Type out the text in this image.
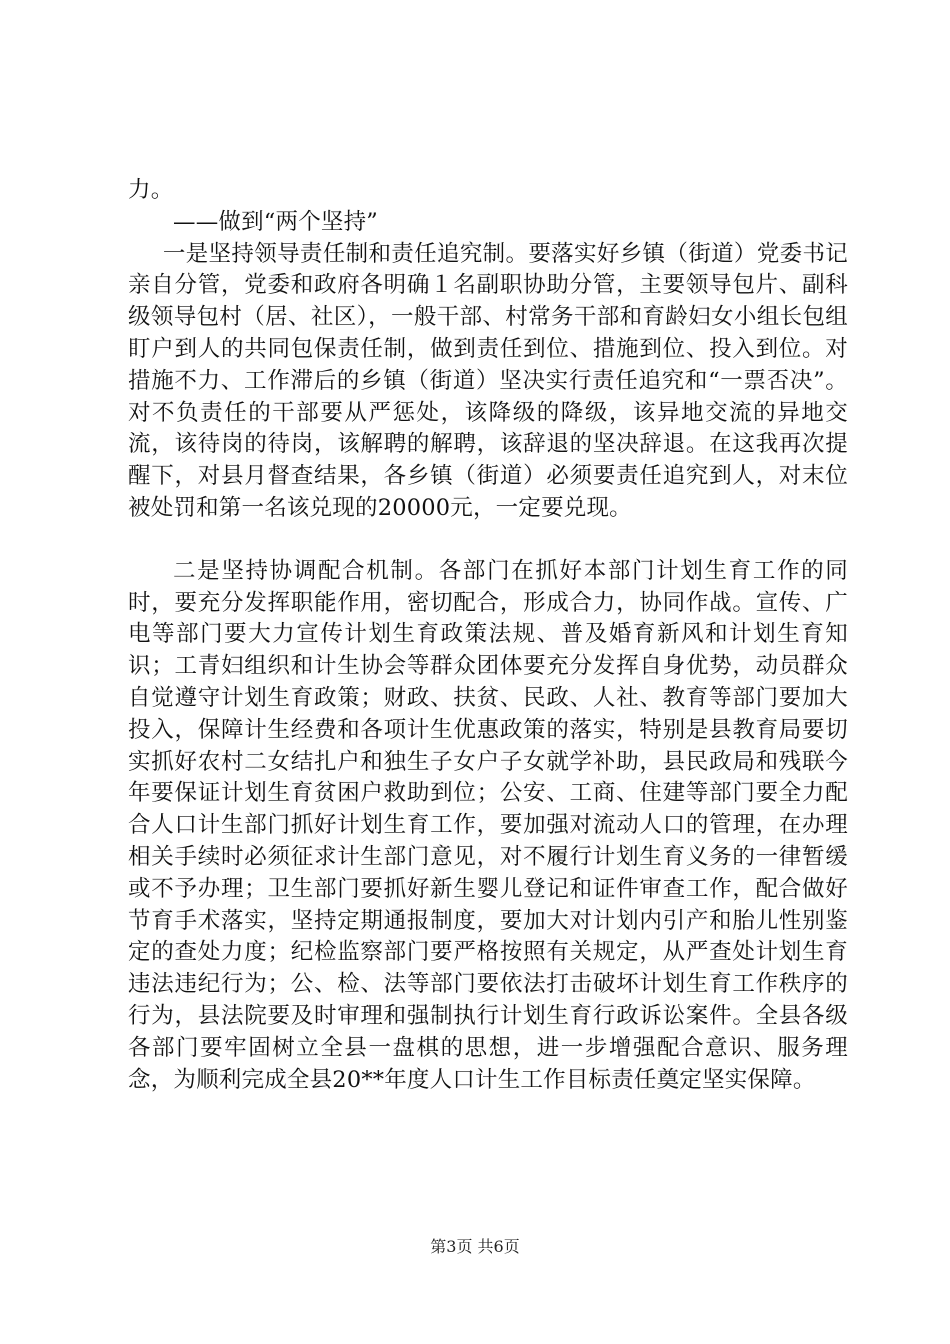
力。

——做到“两个坚持”

一是坚持领导责任制和责任追究制。要落实好乡镇（街道）党委书记亲自分管，党委和政府各明确１名副职协助分管，主要领导包片、副科级领导包村（居、社区），一般干部、村常务干部和育龄妇女小组长包组盯户到人的共同包保责任制，做到责任到位、措施到位、投入到位。对措施不力、工作滞后的乡镇（街道）坚决实行责任追究和“一票否决”。对不负责任的干部要从严惩处，该降级的降级，该异地交流的异地交流，该待岗的待岗，该解聘的解聘，该辞退的坚决辞退。在这我再次提醒下，对县月督查结果，各乡镇（街道）必须要责任追究到人，对末位被处罚和第一名该兑现的20000元，一定要兑现。

二是坚持协调配合机制。各部门在抓好本部门计划生育工作的同时，要充分发挥职能作用，密切配合，形成合力，协同作战。宣传、广电等部门要大力宣传计划生育政策法规、普及婚育新风和计划生育知识；工青妇组织和计生协会等群众团体要充分发挥自身优势，动员群众自觉遵守计划生育政策；财政、扶贫、民政、人社、教育等部门要加大投入，保障计生经费和各项计生优惠政策的落实，特别是县教育局要切实抓好农村二女结扎户和独生子女户子女就学补助，县民政局和残联今年要保证计划生育贫困户救助到位；公安、工商、住建等部门要全力配合人口计生部门抓好计划生育工作，要加强对流动人口的管理，在办理相关手续时必须征求计生部门意见，对不履行计划生育义务的一律暂缓或不予办理；卫生部门要抓好新生婴儿登记和证件审查工作，配合做好节育手术落实，坚持定期通报制度，要加大对计划内引产和胎儿性别鉴定的查处力度；纪检监察部门要严格按照有关规定，从严查处计划生育违法违纪行为；公、检、法等部门要依法打击破坏计划生育工作秩序的行为，县法院要及时审理和强制执行计划生育行政诉讼案件。全县各级各部门要牢固树立全县一盘棋的思想，进一步增强配合意识、服务理念，为顺利完成全县20**年度人口计生工作目标责任奠定坚实保障。

第3页 共6页
